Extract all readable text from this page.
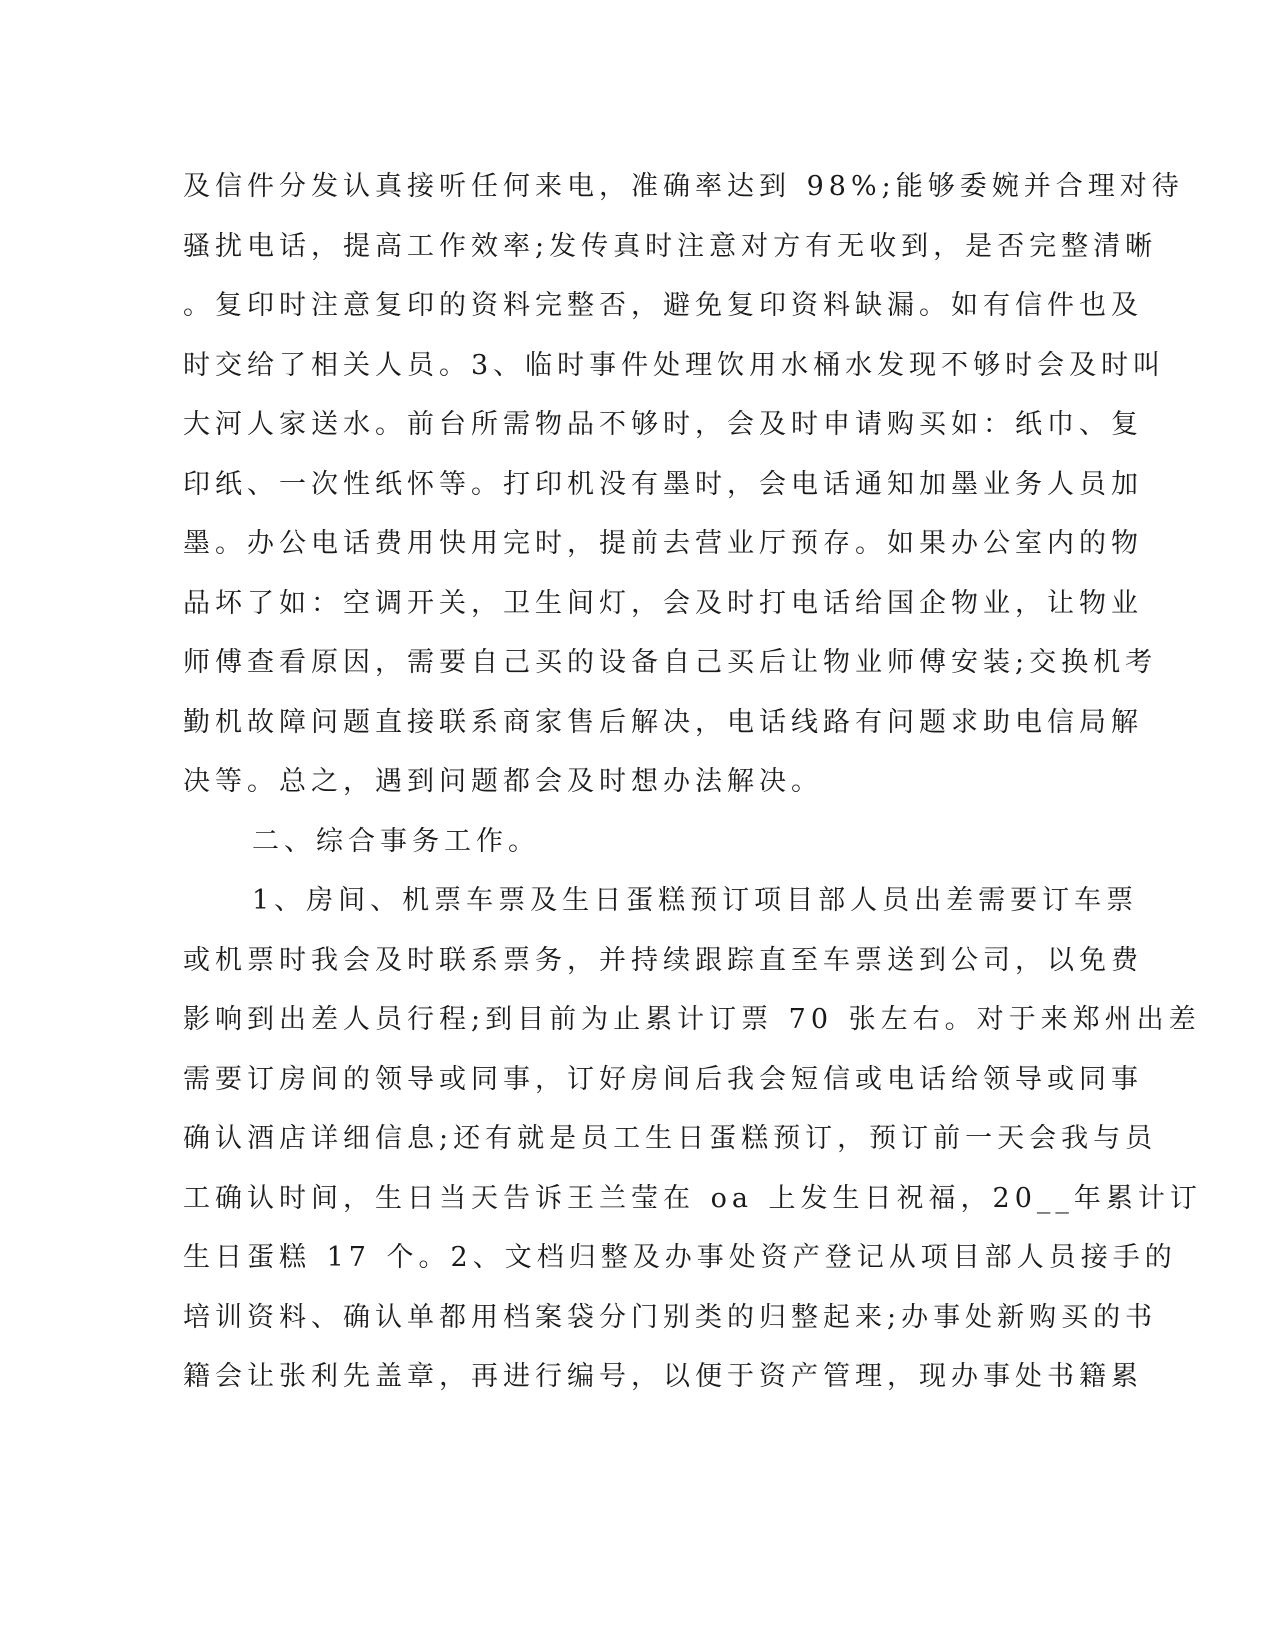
及信件分发认真接听任何来电，准确率达到 98%;能够委婉并合理对待
骚扰电话，提高工作效率;发传真时注意对方有无收到，是否完整清晰
。复印时注意复印的资料完整否，避免复印资料缺漏。如有信件也及
时交给了相关人员。3、临时事件处理饮用水桶水发现不够时会及时叫
大河人家送水。前台所需物品不够时，会及时申请购买如：纸巾、复
印纸、一次性纸怀等。打印机没有墨时，会电话通知加墨业务人员加
墨。办公电话费用快用完时，提前去营业厅预存。如果办公室内的物
品坏了如：空调开关，卫生间灯，会及时打电话给国企物业，让物业
师傅查看原因，需要自己买的设备自己买后让物业师傅安装;交换机考
勤机故障问题直接联系商家售后解决，电话线路有问题求助电信局解
决等。总之，遇到问题都会及时想办法解决。
二、综合事务工作。
1、房间、机票车票及生日蛋糕预订项目部人员出差需要订车票
或机票时我会及时联系票务，并持续跟踪直至车票送到公司，以免费
影响到出差人员行程;到目前为止累计订票 70 张左右。对于来郑州出差
需要订房间的领导或同事，订好房间后我会短信或电话给领导或同事
确认酒店详细信息;还有就是员工生日蛋糕预订，预订前一天会我与员
工确认时间，生日当天告诉王兰莹在 oa 上发生日祝福，20__年累计订
生日蛋糕 17 个。2、文档归整及办事处资产登记从项目部人员接手的
培训资料、确认单都用档案袋分门别类的归整起来;办事处新购买的书
籍会让张利先盖章，再进行编号，以便于资产管理，现办事处书籍累
